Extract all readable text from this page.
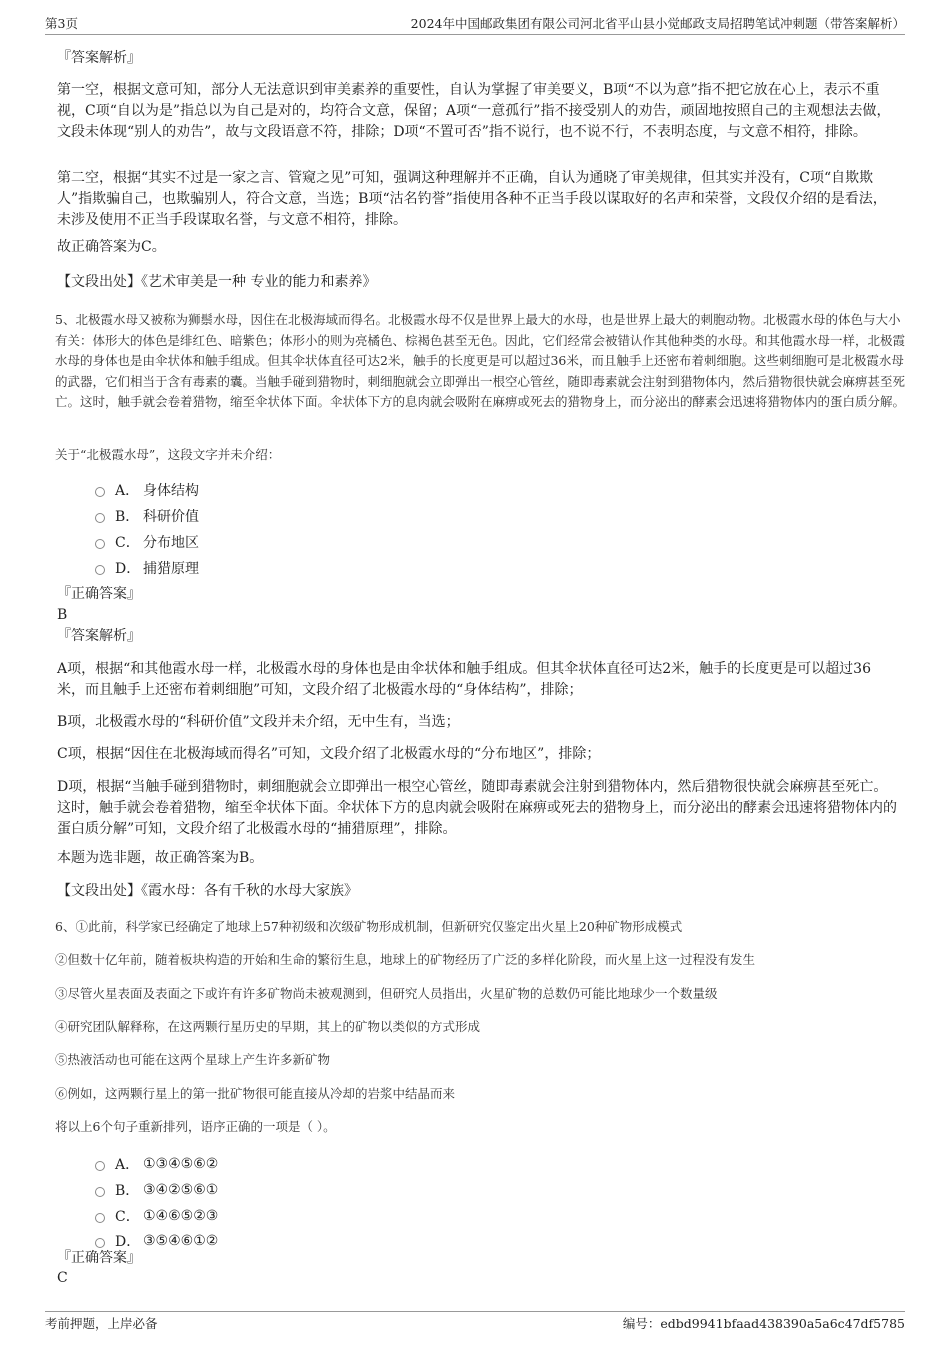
第3页	2024年中国邮政集团有限公司河北省平山县小觉邮政支局招聘笔试冲刺题（带答案解析）

『答案解析』

第一空，根据文意可知，部分人无法意识到审美素养的重要性，自认为掌握了审美要义，B项“不以为意”指不把它放在心上，表示不重视，C项“自以为是”指总以为自己是对的，均符合文意，保留；A项“一意孤行”指不接受别人的劝告，顽固地按照自己的主观想法去做，文段未体现“别人的劝告”，故与文段语意不符，排除；D项“不置可否”指不说行，也不说不行，不表明态度，与文意不相符，排除。

第二空，根据“其实不过是一家之言、管窥之见”可知，强调这种理解并不正确，自认为通晓了审美规律，但其实并没有，C项“自欺欺人”指欺骗自己，也欺骗别人，符合文意，当选；B项“沽名钓誉”指使用各种不正当手段以谋取好的名声和荣誉，文段仅介绍的是看法，未涉及使用不正当手段谋取名誉，与文意不相符，排除。

故正确答案为C。

【文段出处】《艺术审美是一种 专业的能力和素养》

5、北极霞水母又被称为狮鬃水母，因住在北极海域而得名。北极霞水母不仅是世界上最大的水母，也是世界上最大的刺胞动物。北极霞水母的体色与大小有关：体形大的体色是绯红色、暗紫色；体形小的则为亮橘色、棕褐色甚至无色。因此，它们经常会被错认作其他种类的水母。和其他霞水母一样，北极霞水母的身体也是由伞状体和触手组成。但其伞状体直径可达2米，触手的长度更是可以超过36米，而且触手上还密布着刺细胞。这些刺细胞可是北极霞水母的武器，它们相当于含有毒素的囊。当触手碰到猎物时，刺细胞就会立即弹出一根空心管丝，随即毒素就会注射到猎物体内，然后猎物很快就会麻痹甚至死亡。这时，触手就会卷着猎物，缩至伞状体下面。伞状体下方的息肉就会吸附在麻痹或死去的猎物身上，而分泌出的酵素会迅速将猎物体内的蛋白质分解。

关于“北极霞水母”，这段文字并未介绍：

A． 身体结构
B． 科研价值
C． 分布地区
D． 捕猎原理

『正确答案』

B

『答案解析』

A项，根据“和其他霞水母一样，北极霞水母的身体也是由伞状体和触手组成。但其伞状体直径可达2米，触手的长度更是可以超过36米，而且触手上还密布着刺细胞”可知，文段介绍了北极霞水母的“身体结构”，排除；

B项，北极霞水母的“科研价值”文段并未介绍，无中生有，当选；

C项，根据“因住在北极海域而得名”可知，文段介绍了北极霞水母的“分布地区”，排除；

D项，根据“当触手碰到猎物时，刺细胞就会立即弹出一根空心管丝，随即毒素就会注射到猎物体内，然后猎物很快就会麻痹甚至死亡。这时，触手就会卷着猎物，缩至伞状体下面。伞状体下方的息肉就会吸附在麻痹或死去的猎物身上，而分泌出的酵素会迅速将猎物体内的蛋白质分解”可知，文段介绍了北极霞水母的“捕猎原理”，排除。

本题为选非题，故正确答案为B。

【文段出处】《霞水母：各有千秋的水母大家族》

6、①此前，科学家已经确定了地球上57种初级和次级矿物形成机制，但新研究仅鉴定出火星上20种矿物形成模式

②但数十亿年前，随着板块构造的开始和生命的繁衍生息，地球上的矿物经历了广泛的多样化阶段，而火星上这一过程没有发生

③尽管火星表面及表面之下或许有许多矿物尚未被观测到，但研究人员指出，火星矿物的总数仍可能比地球少一个数量级

④研究团队解释称，在这两颗行星历史的早期，其上的矿物以类似的方式形成

⑤热液活动也可能在这两个星球上产生许多新矿物

⑥例如，这两颗行星上的第一批矿物很可能直接从冷却的岩浆中结晶而来

将以上6个句子重新排列，语序正确的一项是（ ）。

A． ①③④⑤⑥②
B． ③④②⑤⑥①
C． ①④⑥⑤②③
D． ③⑤④⑥①②

『正确答案』

C

考前押题，上岸必备	编号：edbd9941bfaad438390a5a6c47df5785
